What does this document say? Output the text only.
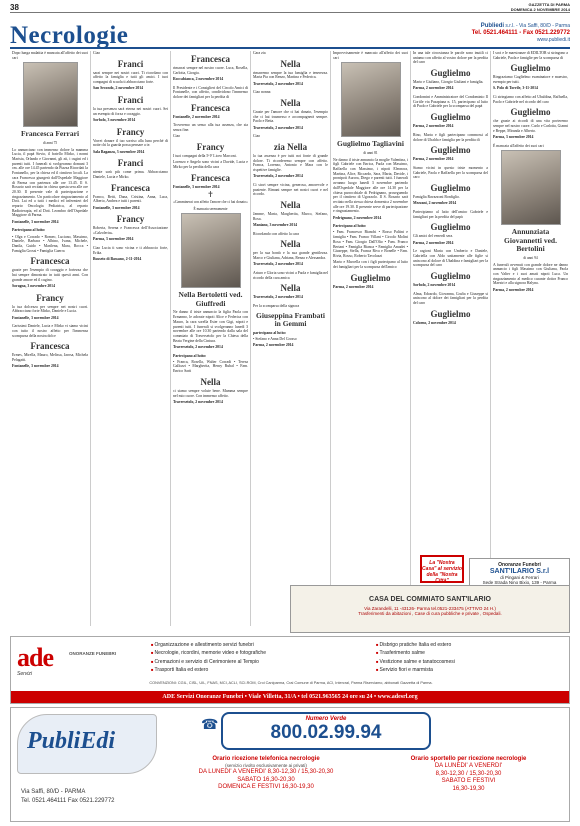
38	GAZZETTA DI PARMA
DOMENICA 2 NOVEMBRE 2014
Necrologie	Publiedi s.r.l. - Via Saffi, 80/D - Parma
Tel. 0521.464111 - Fax 0521.229772
www.publiedi.it

Dopo lunga malattia è mancata all'affetto dei suoi cari

Francesca Ferrari
di anni 75

Lo annunciano con immenso dolore la mamma Lucia, il papà Sirvio, il fratello Mirko, i nonni Marisia, Orlando e Giovanni, gli zii, i cugini ed i parenti tutti. I funerali si svolgeranno domani 3 cm. alle ore 14.45 partendo da Piazza Ricordati la Fontanello, per la chiesa ed il cimitero locali. La cara Francesca giungerà dall'Ospedale Maggiore di Parma con partenza alle ore 13.45. Il S. Rosario sarà recitato in chiesa questa sera alle ore 20.30. Il presente vale di partecipazione e ringraziamento. Un particolare ringraziamento al Dott. Lai ed a tutti i medici ed infermieri del reparto Oncologia Pediatrica, al reparto Radioterapia, ed al Dott. Leombro dell'Ospedale Maggiore di Parma.

Fontanelle, 3 novembre 2014

Partecipano al lutto:

• Olga e Corrado • Romeo, Luciano, Massimo, Daniele, Barbara • Albino, Ivana, Michele, Danila, Guido • Marilena, Mara, Rocca • Famiglia Grossi • Famiglia Guerra

Francesca

grazie per l'esempio di coraggio e fortezza che hai sempre dimostrato in tutti questi anni. Con grande amore ed il cugino.

Soragna, 3 novembre 2014
Francy

la tua dolcezza per sempre nei nostri cuori. Abbracciano forte Mirko, Daniele e Lucia.

Fontanelle, 3 novembre 2014

Carissimi Daniele, Lucia e Mirko vi siamo vicini con tutto il nostro affetto per l'immensa scomparsa della nostra dolce

Francesca

Ermes, Mirella, Mauro, Melissa, Jarosa, Michela Pelagatti.

Fontanelle, 3 novembre 2014

Ciao

Franci

sarai sempre nei nostri cuori. Ti ricordano con affetto la famiglia e tutti gli amici. I tuoi compagni di scuola ti abbracciano forte.

San Secondo, 2 novembre 2014
Franci

la tua presenza sarà eterna nei nostri cuori. Sei un esempio di forza e coraggio.

Sorbolo, 3 novembre 2014
Francy

Vorrei donare il tuo sorriso alla luna perché di notte chi la guarda possa pensare a te.

Sala Baganza, 3 novembre 2014
Franci

niente sarà più come prima. Abbracciamo Daniele, Lucia e Mirko.

Francesca

Franco, Betti, Dana, Cristina, Anna, Luca, Alberto, Andrea e tutti i parenti.

Fontanelle, 3 novembre 2014
Francy

Roberta, Serena e Francesca dell'Associazione «Calzoleria».

Parma, 3 novembre 2014

Ciao Lucia ti sono vicina e ti abbraccio forte, Erika.

Busseto di Bassano, 2-11-2014
Francesca

rimarrai sempre nel nostro cuore. Luca, Rosella, Carlotta, Giorgia.

Roccabianca, 2 novembre 2014

Il Presidente e i Consiglieri del Circolo Amici di Fontanelle, con affetto, condividono l'immenso dolore dei famigliari per la perdita di

Francesca
Fontanelle, 2 novembre 2014

Troveremo un senso alla tua assenza, che sia senza fine.

Ciao

Francy

I tuoi compagni della 5ª F Liceo Marconi.

Lorenzo e Angelo sono vicini a Davide, Lucia e Mirko per la perdita della cara

Francesca
Fontanelle, 3 novembre 2014
✝
«Camminerai con affetto l'amore che ci hai donato»
È mancata serenamente
Nella Bertoletti ved. Giuffredi

Ne danno il triste annuncio la figlia Paola con Ermanno, le adorate nipoti Alice e Federica con Mauro, la cara sorella Ester con Gigi, nipoti e parenti tutti. I funerali si svolgeranno lunedì 3 novembre alle ore 10.30 partendo dalla sala del commiato di Traversetolo per la Chiesa della Beata Vergine della Cintura.

Traversetolo, 2 novembre 2014

Partecipano al lutto:

• Franca, Rosella, Walter Corradi • Teresa Gallozzi • Margherita, Henry Rubal • Fam. Enrico Sarti

Nella

ci siamo sempre volute bene. Mamma sempre nel mio cuore. Con immenso affetto.

Traversetolo, 2 novembre 2014

Cara zia

Nella

rimarremo sempre la tua famiglia e tenerezza. Maria Pia con Renzo, Martina e Federica.

Traversetolo, 2 novembre 2014

Ciao nonna

Nella

Grazie per l'amore che ci hai donato, l'esempio che ci hai trasmesso e accompagnerà sempre. Paolo e Betta.

Traversetolo, 2 novembre 2014

Ciao

zia Nella

la tua assenza è per tutti noi fonte di grande dolore. Ti ricorderemo sempre con affetto. Franca, Lorenzo, Antonio e Mara con le rispettive famiglie.

Traversetolo, 2 novembre 2014

Ci stavi sempre vicina, generosa, amorevole e paziente. Rimani sempre nei nostri cuori e nel ricordo.

Nella

Jamme, Marta, Margherita, Marco, Stefano, Rosa.

Maniano, 3 novembre 2014

Ricordando con affetto la cara

Nella

per la sua bontà e la sua grande gentilezza. Marco e Giuliana, Adriana, Renza e Alessandra.

Traversetolo, 2 novembre 2014

Arturo e Gloria sono vicini a Paola e famiglia nel ricordo della cara amica

Nella
Traversetolo, 2 novembre 2014

Per la scomparsa della signora

Giuseppina Frambati in Gemmi

partecipano al lutto:

• Stefano e Anna Del Grosso

Parma, 2 novembre 2014

Improvvisamente è mancato all'affetto dei suoi cari

Guglielmo Tagliavini
di anni 81

Ne danno il triste annuncio la moglie Valentina, i figli Gabriele con Enrica, Paola con Massimo, Raffaella con Massimo, i nipoti Eleonora, Martina, Alice, Riccardo, Sara, Marta, Davide, i pronipoti Aurora, Diego e parenti tutti. I funerali avranno luogo lunedì 3 novembre partendo dall'Ospedale Maggiore alle ore 14.30 per la chiesa parrocchiale di Pedrignano, proseguendo per il cimitero di Ugozzolo. Il S. Rosario sarà recitato nella stessa chiesa domenica 2 novembre alle ore 19.30. Il presente serve di partecipazione e ringraziamento.

Pedrignano, 2 novembre 2014

Partecipano al lutto:

• Fam. Francesco Bianchi • Rosso Paltini e famiglia • Fam. Franco Villani • Circolo Molini Rosa • Fam. Giorgio Dall'Olio • Fam. Franco Bertani • Famiglia Bianca • Famiglia Amadei • Giuseppe, Stella, Franca Riva e Bonelle • Fam. Rivia, Rosso, Roberto Tavolazzi

Mario e Marcella con i figli partecipano al lutto dei famigliari per la scomparsa dell'amico

Guglielmo
Parma, 2 novembre 2014

In una tale circostanza le parole sono inutili ci uniamo con affetto al vostro dolore per la perdita del caro

Guglielmo

Mario e Giuliano, Giorgio Giuliani e famiglia.

Parma, 2 novembre 2014

Condomini e Amministratore del Condominio Il Cortile via Pasapiana n. 15, partecipano al lutto di Paolo e Gabriele per la scomparsa del papà

Guglielmo
Parma, 2 novembre 2014

Rino, Marta e figli partecipano commossi al dolore di Ubalda e famiglia per la perdita di

Guglielmo
Parma, 2 novembre 2014

Siamo vicini in questo triste momento a Gabriele, Paola e Raffaella per la scomparsa del caro

Guglielmo

Famiglia Ravazzoni Bonfiglio.

Mezzani, 2 novembre 2014

Partecipiamo al lutto dell'amico Gabriele e famigliari per la perdita del papà

Guglielmo

Gli amici del venerdì sera.

Parma, 2 novembre 2014

Le ragioni Maria con Umberto e Daniele, Gabriella con Aldo unitamente alle figlie si uniscono al dolore di Ubaldina e famigliari per la scomparsa del caro

Guglielmo
Sorbolo, 2 novembre 2014

Alma, Edoardo, Giovanna, Grafia e Giuseppe si uniscono al dolore dei famigliari per la perdita del caro

Guglielmo
Colorno, 2 novembre 2014

I soci e le maestranze di EDILTOR si stringono a Gabriele, Paola e famiglie per la scomparsa di

Guglielmo

Ringraziamo Guglielmo esaminatore e maestro, esempio per tutti.

S. Polo di Torrile, 3-11-2014

Ci stringiamo con affetto ad Ubaldina, Raffaella, Paolo e Gabriele nel ricordo del caro

Guglielmo

che grazie ai ricordi di una vita porteremo sempre nel nostro cuore. Carlo e Carlotta, Gianni e Beppe, Miranda e Alberto.

Parma, 3 novembre 2014

È mancata all'affetto dei suoi cari

Annunziata Giovannetti ved. Bertolini
di anni 94

A funerali avvenuti con grande dolore ne danno annuncio i figli Massimo con Giuliana, Paola con Valter e i suoi amati nipoti Luca. Un ringraziamento al medico curante dottor Franco Maestri e alla signora Halyna.

Parma, 2 novembre 2014
Onoranze Funebri
SANT'ILARIO S.r.l
di Pingani & Ferrari
Sede Strada Nino Bixio, 139 - Parma
CASA DEL COMMIATO SANT'ILARIO
Via Zarandelli, 11 -43126- Parma tel.0521-233475 (ATTIVO 24 H.)
Trasferimenti da abitazioni , Case di cura pubbliche e private , Ospedali.
La "Nostra Casa" al servizio della "Nostra Città"
ade
Servizi
ONORANZE FUNEBRI
■ Organizzazione e allestimento servizi funebri
■ Necrologie, ricordini, memorie video e fotografiche
■ Cremazioni e servizio di Cerimoniere al Tempio
■ Trasporti Italia ed estero
■ Disbrigo pratiche Italia ed estero
■ Trasferimento salme
■ Vestizione salme e tanatocosmesi
■ Servizio fiori e marmista
CONVENZIONI: CGIL, CISL, UIL, FNAS, MCI, ACLI, SCI-ROM, Croi Caniparma, Crai Comune di Parma, ACI, Intercral, Parma Riserviamo, abbonati Gazzetta di Parma.
ADE Servizi Onoranze Funebri • Viale Villetta, 31/A • tel 0521.963565 24 ore su 24 • www.adesrl.org
PubliEdi
Via Saffi, 80/D - PARMA
Tel. 0521.464111 Fax 0521.229772
☎	Numero Verde
800.02.99.94
Orario ricezione telefonica necrologie
(servizio rivolto esclusivamente ai privati)
DA LUNEDI' A VENERDI' 8,30-12,30 / 15,30-20,30
SABATO 16,30-20,30
DOMENICA E FESTIVI 16,30-19,30
Orario sportello per ricezione necrologie
DA LUNEDI' A VENERDI'
8,30-12,30 / 15,30-20,30
SABATO E FESTIVI
16,30-19,30
